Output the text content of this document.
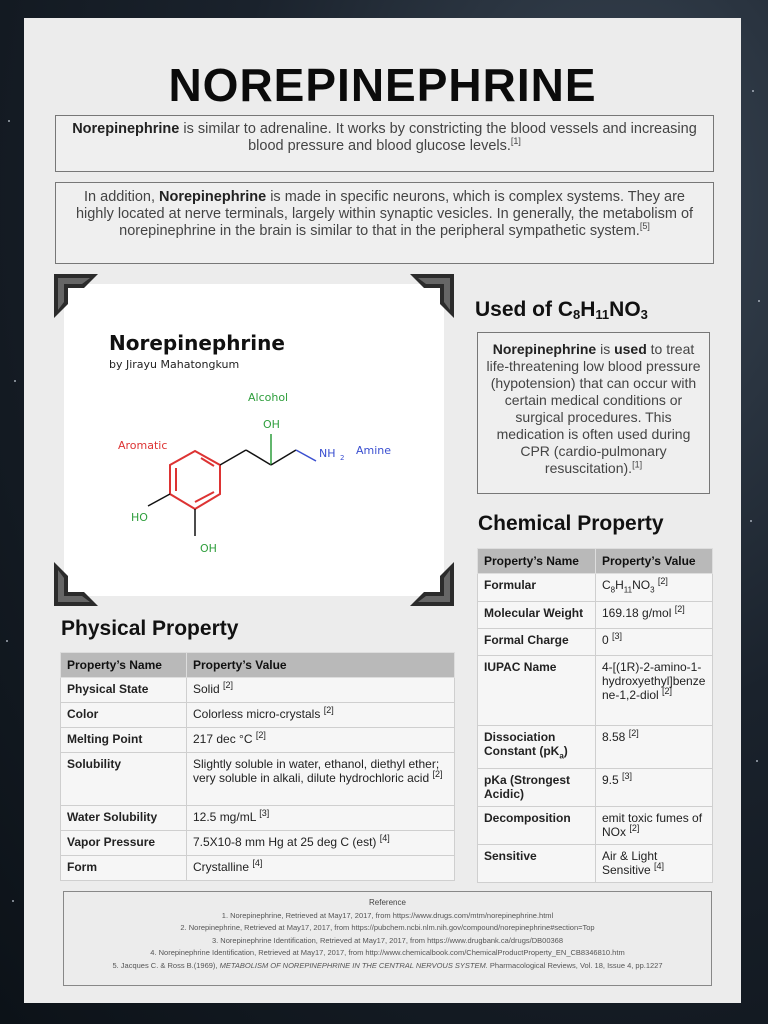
NOREPINEPHRINE
Norepinephrine is similar to adrenaline. It works by constricting the blood vessels and increasing blood pressure and blood glucose levels.[1]
In addition, Norepinephrine is made in specific neurons, which is complex systems. They are highly located at nerve terminals, largely within synaptic vesicles. In generally, the metabolism of norepinephrine in the brain is similar to that in the peripheral sympathetic system.[5]
Norepinephrine
by Jirayu Mahatongkum
Alcohol
Aromatic	Amine
OH
NH 2
HO
OH
Used of $C_8H_{11}NO_3$
Norepinephrine is used to treat life-threatening low blood pressure (hypotension) that can occur with certain medical conditions or surgical procedures. This medication is often used during CPR (cardio-pulmonary resuscitation).[1]
Chemical Property
Property’s Name	Property’s Value
Formular	$C_8H_{11}NO_3$ [2]
Molecular Weight	169.18 g/mol [2]
Formal Charge	0 [3]
IUPAC Name	4-[(1R)-2-amino-1-hydroxyethyl]benzene-1,2-diol [2]
Dissociation Constant $(pK_a)$	8.58 [2]
pKa (Strongest Acidic)	9.5 [3]
Decomposition	emit toxic fumes of NOx [2]
Sensitive	Air & Light Sensitive [4]
Physical Property
Property’s Name	Property’s Value
Physical State	Solid [2]
Color	Colorless micro-crystals [2]
Melting Point	217 dec °C [2]
Solubility	Slightly soluble in water, ethanol, diethyl ether; very soluble in alkali, dilute hydrochloric acid [2]
Water Solubility	12.5 mg/mL [3]
Vapor Pressure	7.5X10-8 mm Hg at 25 deg C (est) [4]
Form	Crystalline [4]
Reference
1. Norepinephrine, Retrieved at May17, 2017, from https://www.drugs.com/mtm/norepinephrine.html
2. Norepinephrine, Retrieved at May17, 2017, from https://pubchem.ncbi.nlm.nih.gov/compound/norepinephrine#section=Top
3. Norepinephrine Identification, Retrieved at May17, 2017, from https://www.drugbank.ca/drugs/DB00368
4. Norepinephrine Identification, Retrieved at May17, 2017, from http://www.chemicalbook.com/ChemicalProductProperty_EN_CB8346810.htm
5. Jacques C. & Ross B.(1969), METABOLISM OF NOREPINEPHRINE IN THE CENTRAL NERVOUS SYSTEM. Pharmacological Reviews, Vol. 18, Issue 4, pp.1227
